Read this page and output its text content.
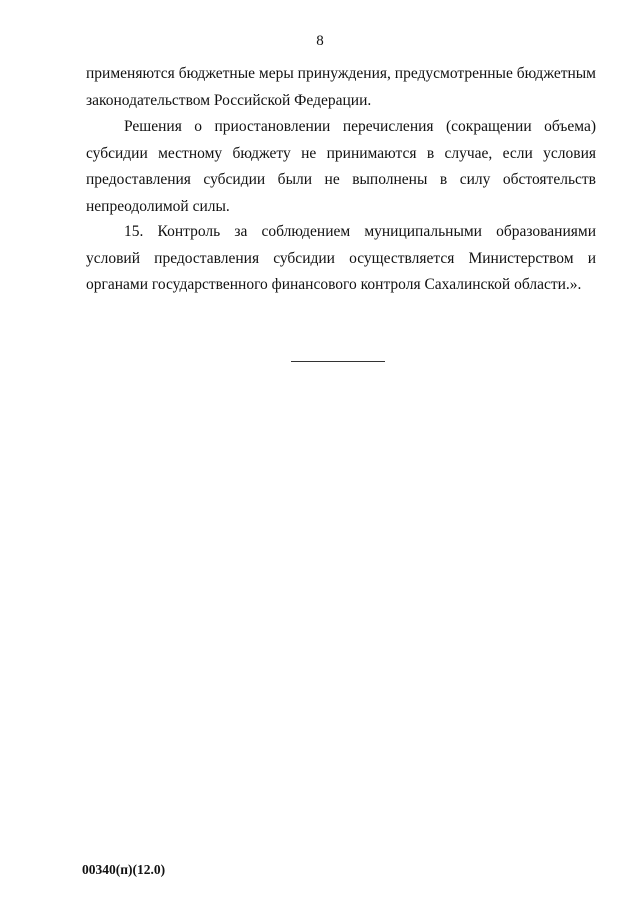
8

применяются бюджетные меры принуждения, предусмотренные бюджетным законодательством Российской Федерации.

Решения о приостановлении перечисления (сокращении объема) субсидии местному бюджету не принимаются в случае, если условия предоставления субсидии были не выполнены в силу обстоятельств непреодолимой силы.

15. Контроль за соблюдением муниципальными образованиями условий предоставления субсидии осуществляется Министерством и органами государственного финансового контроля Сахалинской области.».

00340(п)(12.0)
